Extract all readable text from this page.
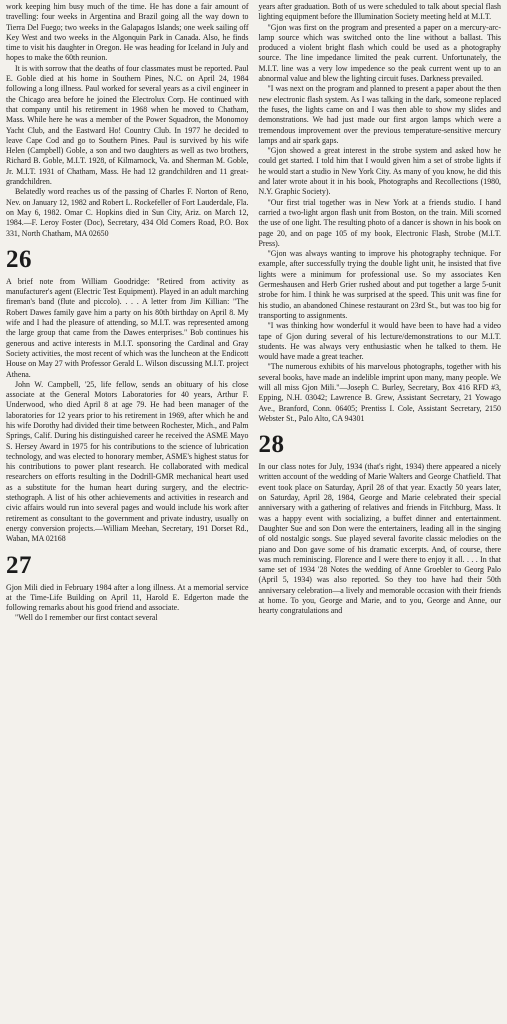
work keeping him busy much of the time. He has done a fair amount of travelling: four weeks in Argentina and Brazil going all the way down to Tierra Del Fuego; two weeks in the Galapagos Islands; one week sailing off Key West and two weeks in the Algonquin Park in Canada. Also, he finds time to visit his daughter in Oregon. He was heading for Iceland in July and hopes to make the 60th reunion.

It is with sorrow that the deaths of four classmates must be reported. Paul E. Goble died at his home in Southern Pines, N.C. on April 24, 1984 following a long illness. Paul worked for several years as a civil engineer in the Chicago area before he joined the Electrolux Corp. He continued with that company until his retirement in 1968 when he moved to Chatham, Mass. While here he was a member of the Power Squadron, the Monomoy Yacht Club, and the Eastward Ho! Country Club. In 1977 he decided to leave Cape Cod and go to Southern Pines. Paul is survived by his wife Helen (Campbell) Goble, a son and two daughters as well as two brothers, Richard B. Goble, M.I.T. 1928, of Kilmarnock, Va. and Sherman M. Goble, Jr. M.I.T. 1931 of Chatham, Mass. He had 12 grandchildren and 11 great-grandchildren.

Belatedly word reaches us of the passing of Charles F. Norton of Reno, Nev. on January 12, 1982 and Robert L. Rockefeller of Fort Lauderdale, Fla. on May 6, 1982. Omar C. Hopkins died in Sun City, Ariz. on March 12, 1984.—F. Leroy Foster (Doc), Secretary, 434 Old Comers Road, P.O. Box 331, North Chatham, MA 02650

26

A brief note from William Goodridge: "Retired from activity as manufacturer's agent (Electric Test Equipment). Played in an adult marching fireman's band (flute and piccolo). . . . A letter from Jim Killian: "The Robert Dawes family gave him a party on his 80th birthday on April 8. My wife and I had the pleasure of attending, so M.I.T. was represented among the large group that came from the Dawes enterprises." Bob continues his generous and active interests in M.I.T. sponsoring the Cardinal and Gray Society activities, the most recent of which was the luncheon at the Endicott House on May 27 with Professor Gerald L. Wilson discussing M.I.T. project Athena.

John W. Campbell, '25, life fellow, sends an obituary of his close associate at the General Motors Laboratories for 40 years, Arthur F. Underwood, who died April 8 at age 79. He had been manager of the laboratories for 12 years prior to his retirement in 1969, after which he and his wife Dorothy had divided their time between Rochester, Mich., and Palm Springs, Calif. During his distinguished career he received the ASME Mayo S. Hersey Award in 1975 for his contributions to the science of lubrication technology, and was elected to honorary member, ASME's highest status for his contributions to power plant research. He collaborated with medical researchers on efforts resulting in the Dodrill-GMR mechanical heart used as a substitute for the human heart during surgery, and the electric-stethograph. A list of his other achievements and activities in research and civic affairs would run into several pages and would include his work after retirement as consultant to the government and private industry, usually on energy conversion projects.—William Meehan, Secretary, 191 Dorset Rd., Waban, MA 02168

27

Gjon Mili died in February 1984 after a long illness. At a memorial service at the Time-Life Building on April 11, Harold E. Edgerton made the following remarks about his good friend and associate.

"Well do I remember our first contact several

years after graduation. Both of us were scheduled to talk about special flash lighting equipment before the Illumination Society meeting held at M.I.T.

"Gjon was first on the program and presented a paper on a mercury-arc-lamp source which was switched onto the line without a ballast. This produced a violent bright flash which could be used as a photography source. The line impedance limited the peak current. Unfortunately, the M.I.T. line was a very low impedence so the peak current went up to an abnormal value and blew the lighting circuit fuses. Darkness prevailed.

"I was next on the program and planned to present a paper about the then new electronic flash system. As I was talking in the dark, someone replaced the fuses, the lights came on and I was then able to show my slides and demonstrations. We had just made our first argon lamps which were a tremendous improvement over the previous temperature-sensitive mercury lamps and air spark gaps.

"Gjon showed a great interest in the strobe system and asked how he could get started. I told him that I would given him a set of strobe lights if he would start a studio in New York City. As many of you know, he did this and later wrote about it in his book, Photographs and Recollections (1980, N.Y. Graphic Society).

"Our first trial together was in New York at a friends studio. I hand carried a two-light argon flash unit from Boston, on the train. Mili scorned the use of one light. The resulting photo of a dancer is shown in his book on page 20, and on page 105 of my book, Electronic Flash, Strobe (M.I.T. Press).

"Gjon was always wanting to improve his photography technique. For example, after successfully trying the double light unit, he insisted that five lights were a minimum for professional use. So my associates Ken Germeshausen and Herb Grier rushed about and put together a large 5-unit strobe for him. I think he was surprised at the speed. This unit was fine for his studio, an abandoned Chinese restaurant on 23rd St., but was too big for transporting to assignments.

"I was thinking how wonderful it would have been to have had a video tape of Gjon during several of his lecture/demonstrations to our M.I.T. students. He was always very enthusiastic when he talked to them. He would have made a great teacher.

"The numerous exhibits of his marvelous photographs, together with his several books, have made an indelible imprint upon many, many people. We will all miss Gjon Mili."—Joseph C. Burley, Secretary, Box 416 RFD #3, Epping, N.H. 03042; Lawrence B. Grew, Assistant Secretary, 21 Yowago Ave., Branford, Conn. 06405; Prentiss I. Cole, Assistant Secretary, 2150 Webster St., Palo Alto, CA 94301

28

In our class notes for July, 1934 (that's right, 1934) there appeared a nicely written account of the wedding of Marie Walters and George Chatfield. That event took place on Saturday, April 28 of that year. Exactly 50 years later, on Saturday, April 28, 1984, George and Marie celebrated their special anniversary with a gathering of relatives and friends in Fitchburg, Mass. It was a happy event with socializing, a buffet dinner and entertainment. Daughter Sue and son Don were the entertainers, leading all in the singing of old nostalgic songs. Sue played several favorite classic melodies on the piano and Don gave some of his dramatic excerpts. And, of course, there was much reminiscing. Florence and I were there to enjoy it all. . . . In that same set of 1934 '28 Notes the wedding of Anne Groebler to Georg Palo (April 5, 1934) was also reported. So they too have had their 50th anniversary celebration—a lively and memorable occasion with their friends at home. To you, George and Marie, and to you, George and Anne, our hearty congratulations and
